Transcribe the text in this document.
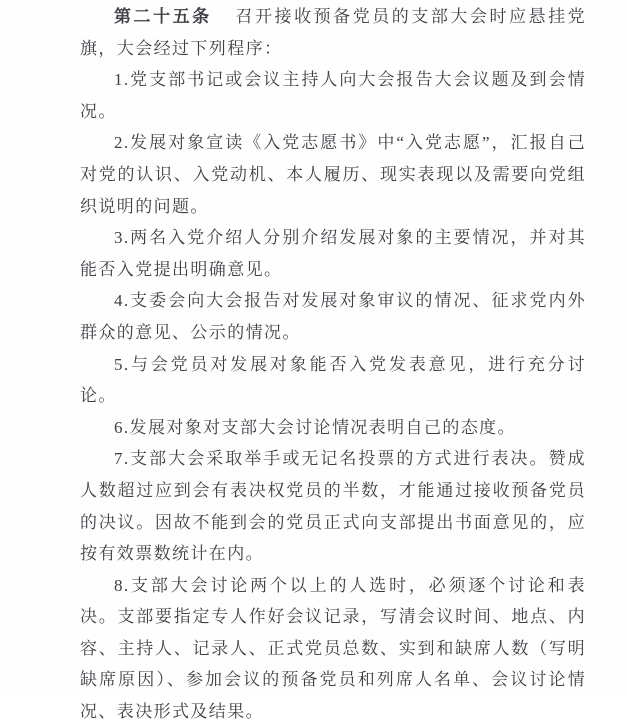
第二十五条 召开接收预备党员的支部大会时应悬挂党旗，大会经过下列程序：

1.党支部书记或会议主持人向大会报告大会议题及到会情况。

2.发展对象宣读《入党志愿书》中“入党志愿”，汇报自己对党的认识、入党动机、本人履历、现实表现以及需要向党组织说明的问题。

3.两名入党介绍人分别介绍发展对象的主要情况，并对其能否入党提出明确意见。

4.支委会向大会报告对发展对象审议的情况、征求党内外群众的意见、公示的情况。

5.与会党员对发展对象能否入党发表意见，进行充分讨论。

6.发展对象对支部大会讨论情况表明自己的态度。

7.支部大会采取举手或无记名投票的方式进行表决。赞成人数超过应到会有表决权党员的半数，才能通过接收预备党员的决议。因故不能到会的党员正式向支部提出书面意见的，应按有效票数统计在内。

8.支部大会讨论两个以上的人选时，必须逐个讨论和表决。支部要指定专人作好会议记录，写清会议时间、地点、内容、主持人、记录人、正式党员总数、实到和缺席人数（写明缺席原因）、参加会议的预备党员和列席人名单、会议讨论情况、表决形式及结果。
